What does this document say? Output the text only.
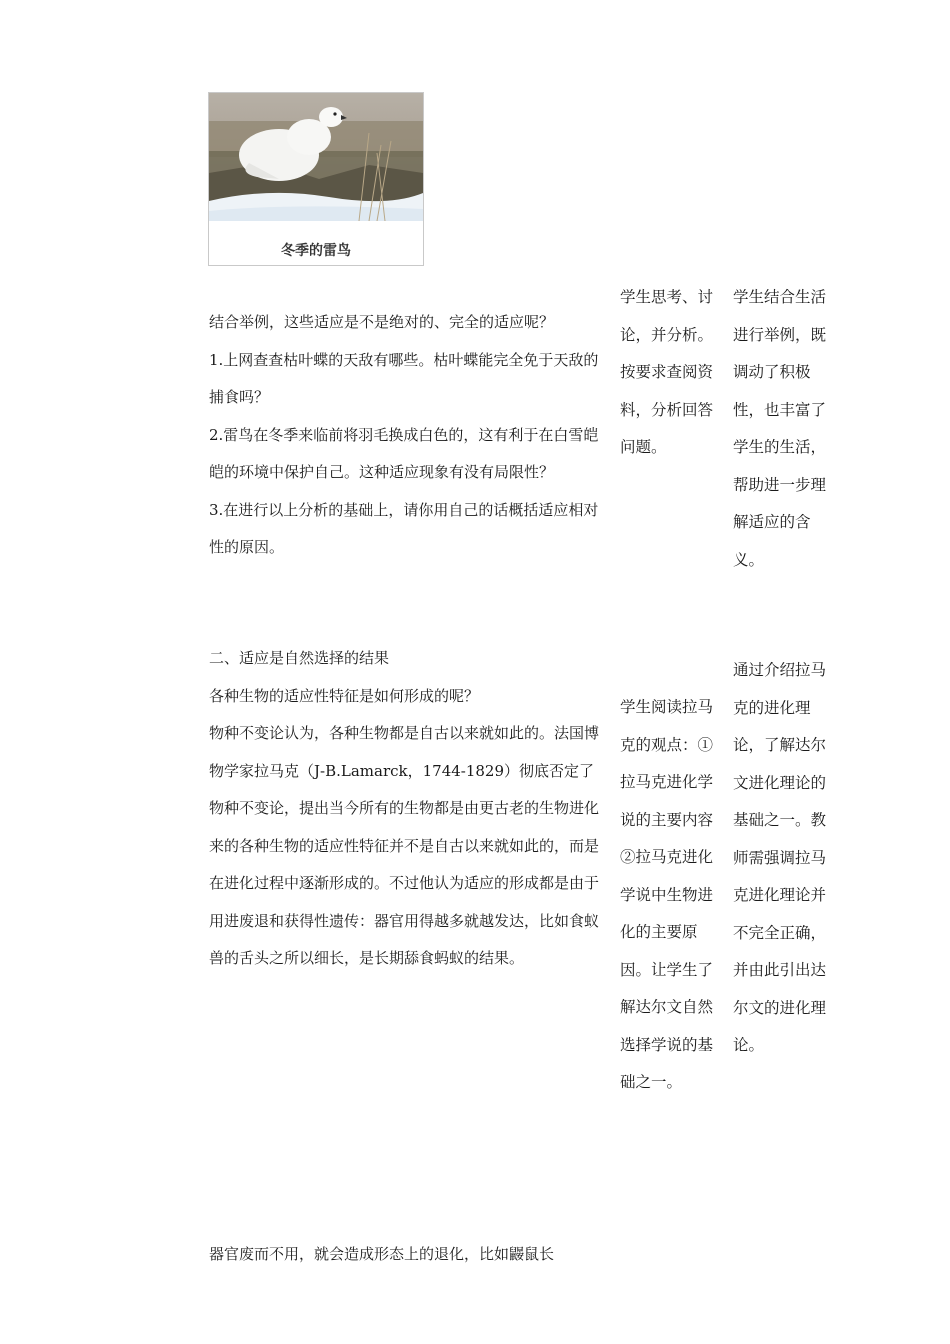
冬季的雷鸟

结合举例，这些适应是不是绝对的、完全的适应呢？

1.上网查查枯叶蝶的天敌有哪些。枯叶蝶能完全免于天敌的捕食吗？

2.雷鸟在冬季来临前将羽毛换成白色的，这有利于在白雪皑皑的环境中保护自己。这种适应现象有没有局限性？

3.在进行以上分析的基础上，请你用自己的话概括适应相对性的原因。

学生思考、讨论，并分析。按要求查阅资料，分析回答问题。
学生结合生活进行举例，既调动了积极性，也丰富了学生的生活，帮助进一步理解适应的含义。

二、适应是自然选择的结果

各种生物的适应性特征是如何形成的呢？

物种不变论认为，各种生物都是自古以来就如此的。法国博物学家拉马克（J-B.Lamarck，1744-1829）彻底否定了物种不变论，提出当今所有的生物都是由更古老的生物进化来的各种生物的适应性特征并不是自古以来就如此的，而是在进化过程中逐渐形成的。不过他认为适应的形成都是由于用进废退和获得性遗传：器官用得越多就越发达，比如食蚁兽的舌头之所以细长，是长期舔食蚂蚁的结果。

学生阅读拉马克的观点：①拉马克进化学说的主要内容 ②拉马克进化学说中生物进化的主要原因。让学生了解达尔文自然选择学说的基础之一。
通过介绍拉马克的进化理论，了解达尔文进化理论的基础之一。教师需强调拉马克进化理论并不完全正确，并由此引出达尔文的进化理论。
器官废而不用，就会造成形态上的退化，比如鼹鼠长
